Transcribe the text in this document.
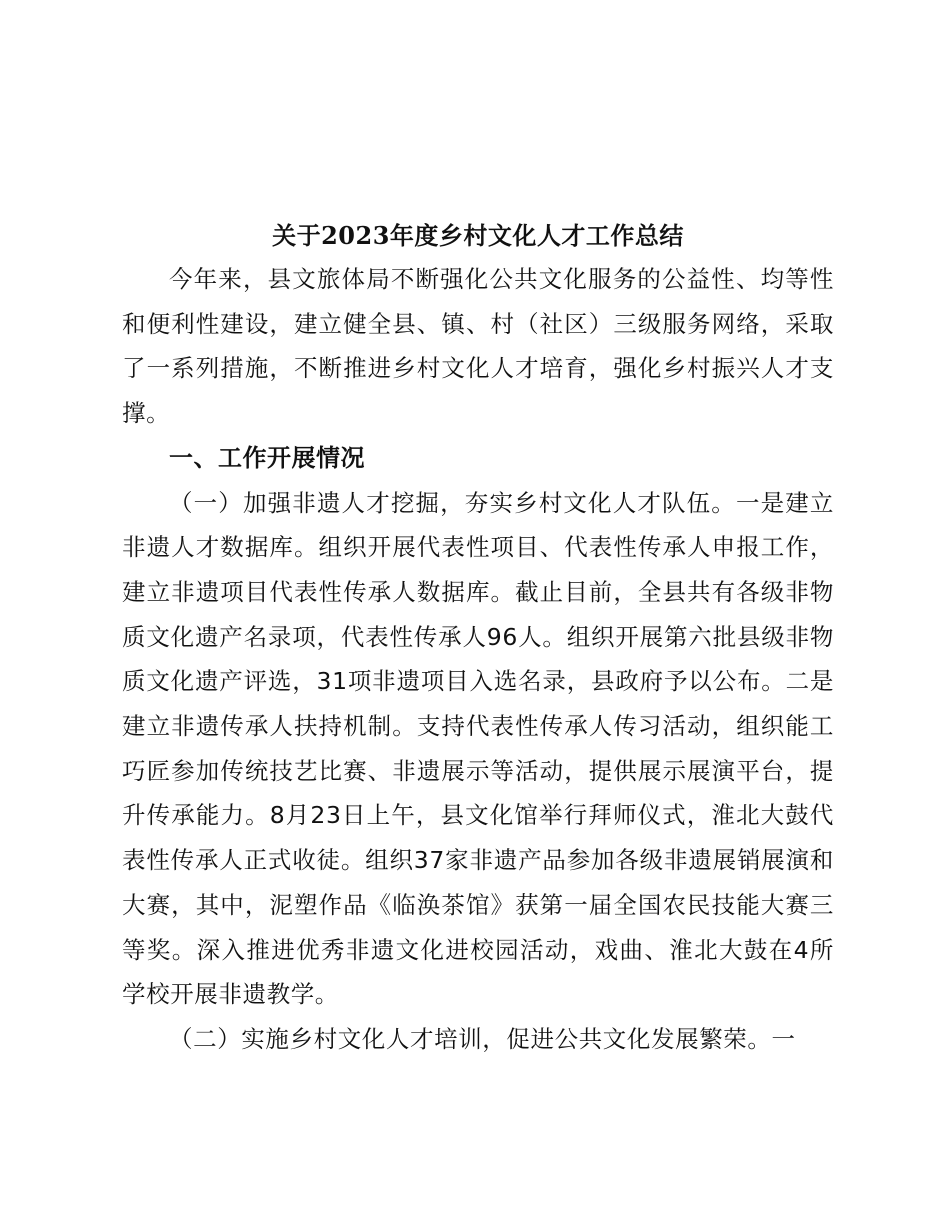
关于2023年度乡村文化人才工作总结

今年来，县文旅体局不断强化公共文化服务的公益性、均等性和便利性建设，建立健全县、镇、村（社区）三级服务网络，采取了一系列措施，不断推进乡村文化人才培育，强化乡村振兴人才支撑。

一、工作开展情况

（一）加强非遗人才挖掘，夯实乡村文化人才队伍。一是建立非遗人才数据库。组织开展代表性项目、代表性传承人申报工作，建立非遗项目代表性传承人数据库。截止目前，全县共有各级非物质文化遗产名录项，代表性传承人96人。组织开展第六批县级非物质文化遗产评选，31项非遗项目入选名录，县政府予以公布。二是建立非遗传承人扶持机制。支持代表性传承人传习活动，组织能工巧匠参加传统技艺比赛、非遗展示等活动，提供展示展演平台，提升传承能力。8月23日上午，县文化馆举行拜师仪式，淮北大鼓代表性传承人正式收徒。组织37家非遗产品参加各级非遗展销展演和大赛，其中，泥塑作品《临涣茶馆》获第一届全国农民技能大赛三等奖。深入推进优秀非遗文化进校园活动，戏曲、淮北大鼓在4所学校开展非遗教学。

（二）实施乡村文化人才培训，促进公共文化发展繁荣。一
